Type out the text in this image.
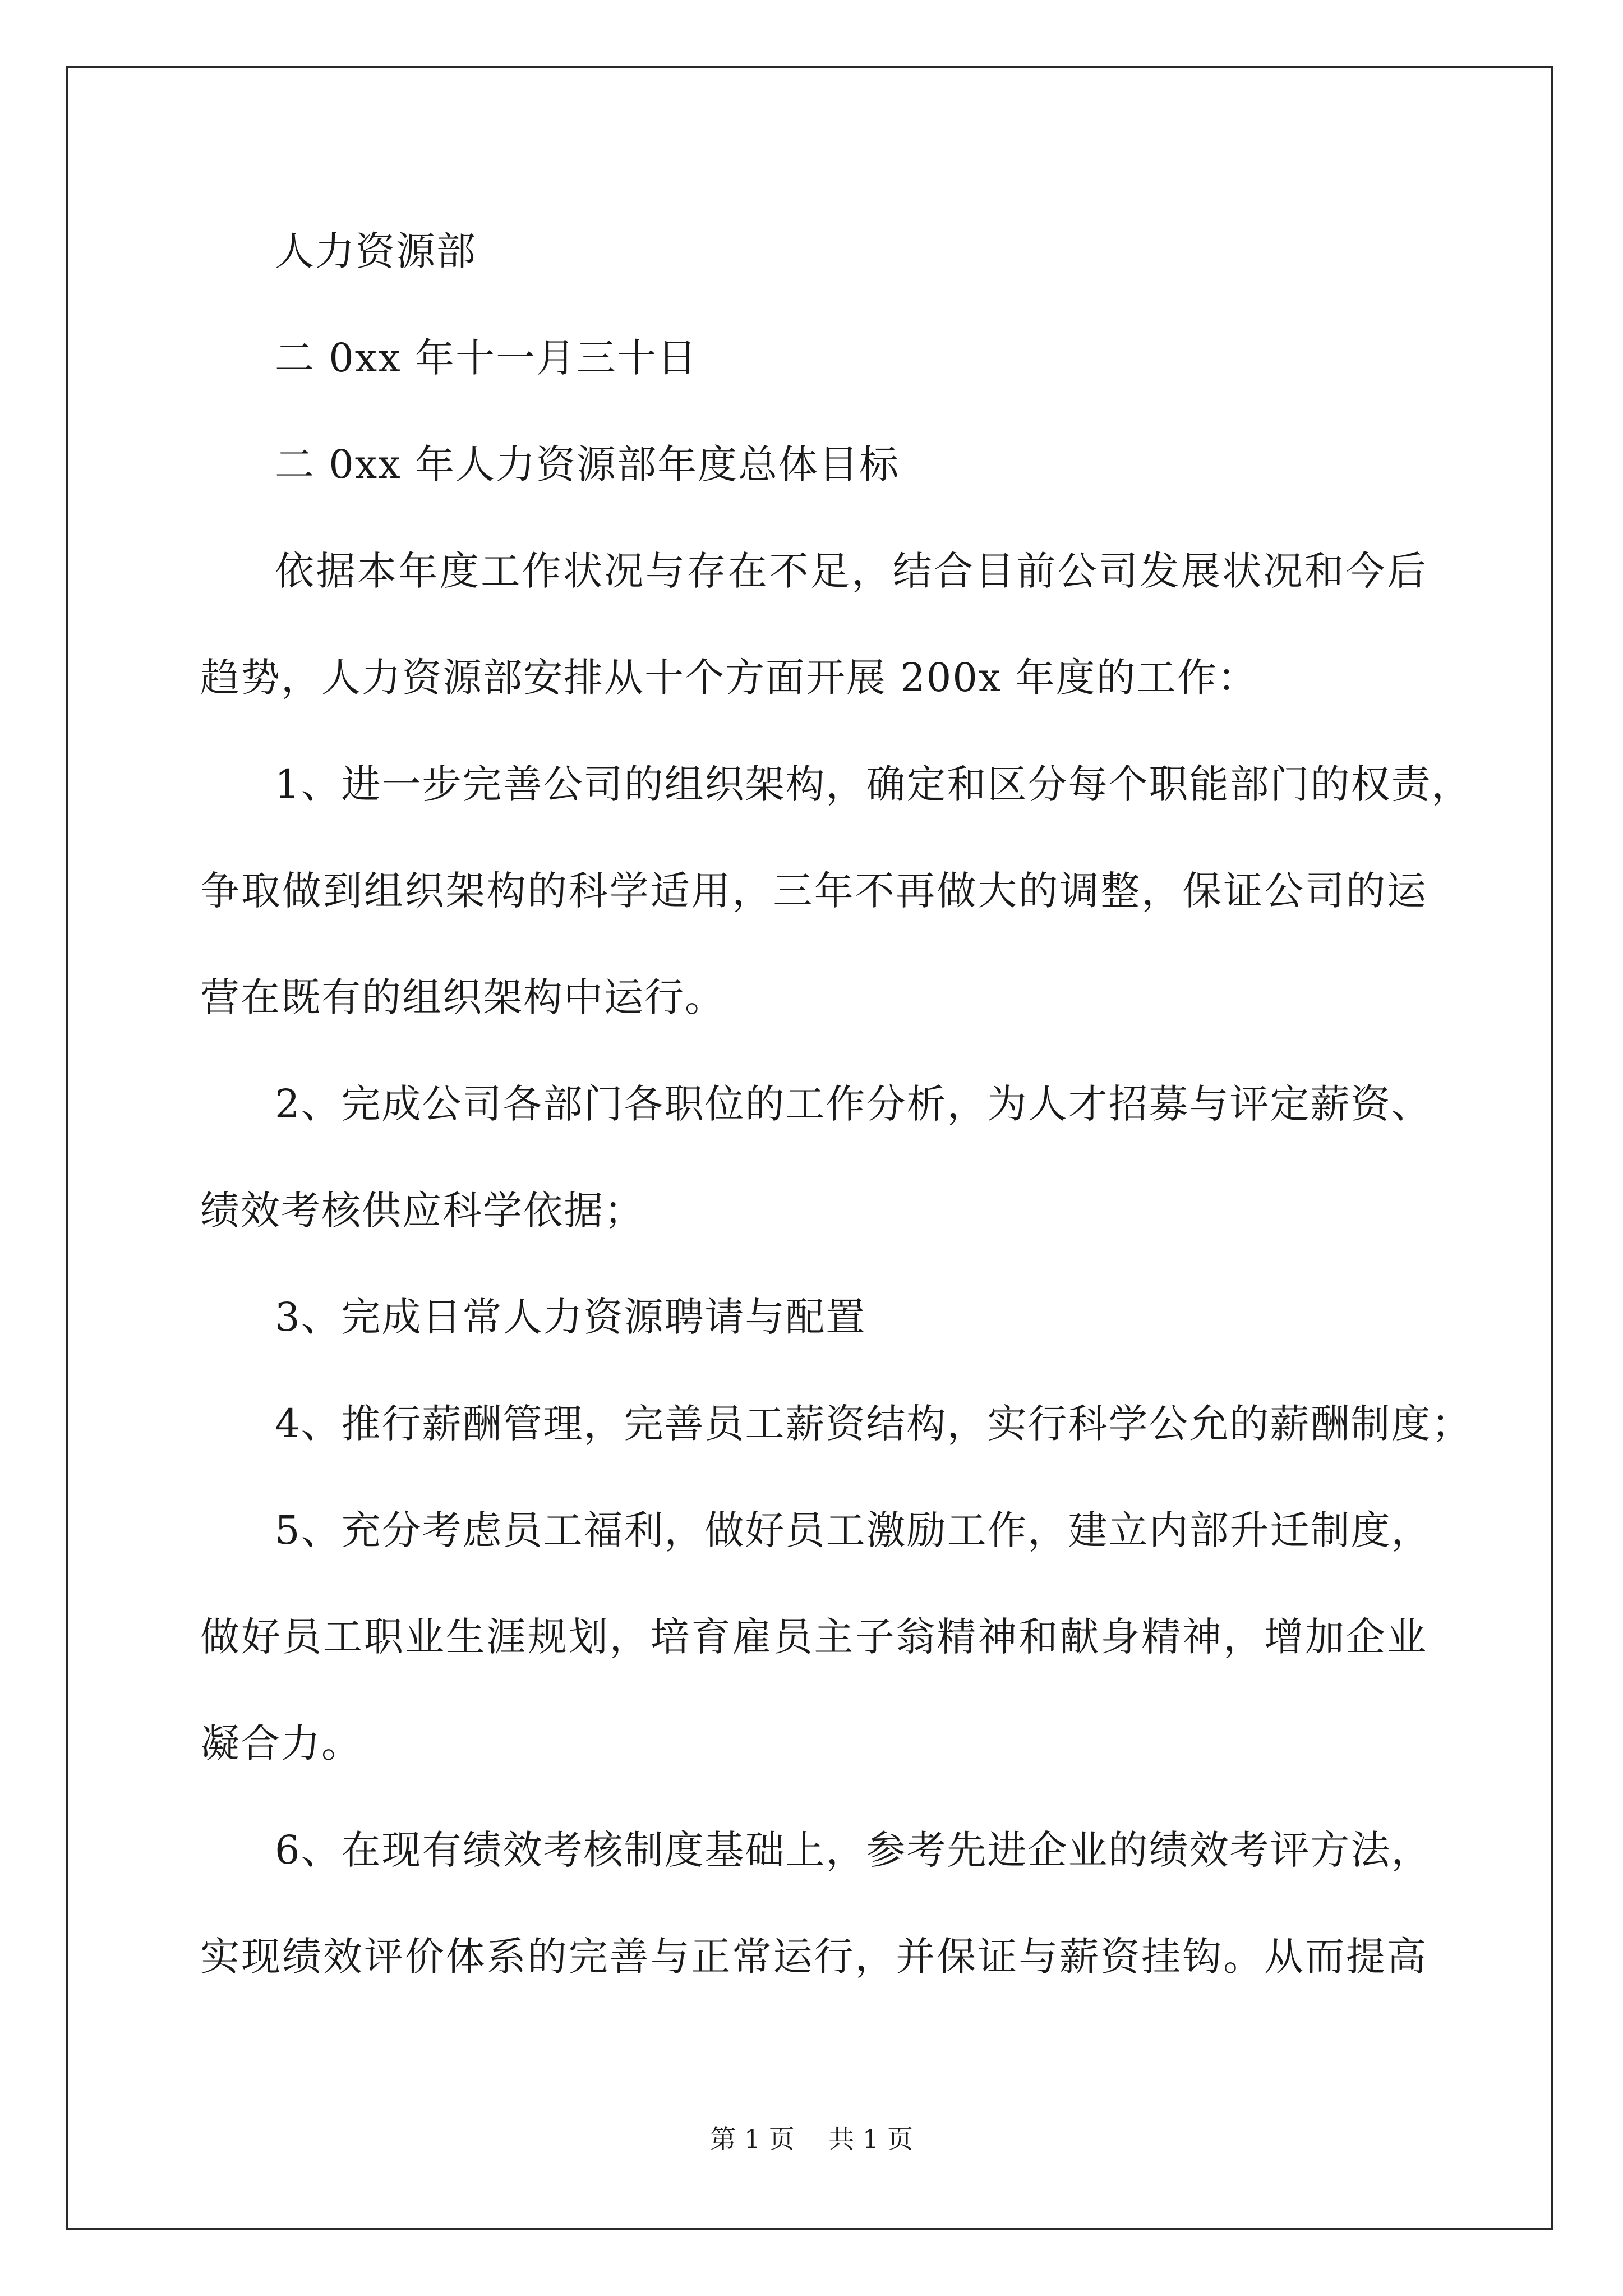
人力资源部
二 0xx 年十一月三十日
二 0xx 年人力资源部年度总体目标
依据本年度工作状况与存在不足，结合目前公司发展状况和今后
趋势，人力资源部安排从十个方面开展 200x 年度的工作：
1、进一步完善公司的组织架构，确定和区分每个职能部门的权责，
争取做到组织架构的科学适用，三年不再做大的调整，保证公司的运
营在既有的组织架构中运行。
2、完成公司各部门各职位的工作分析，为人才招募与评定薪资、
绩效考核供应科学依据；
3、完成日常人力资源聘请与配置
4、推行薪酬管理，完善员工薪资结构，实行科学公允的薪酬制度；
5、充分考虑员工福利，做好员工激励工作，建立内部升迁制度，
做好员工职业生涯规划，培育雇员主子翁精神和献身精神，增加企业
凝合力。
6、在现有绩效考核制度基础上，参考先进企业的绩效考评方法，
实现绩效评价体系的完善与正常运行，并保证与薪资挂钩。从而提高
第 1 页　 共 1 页
